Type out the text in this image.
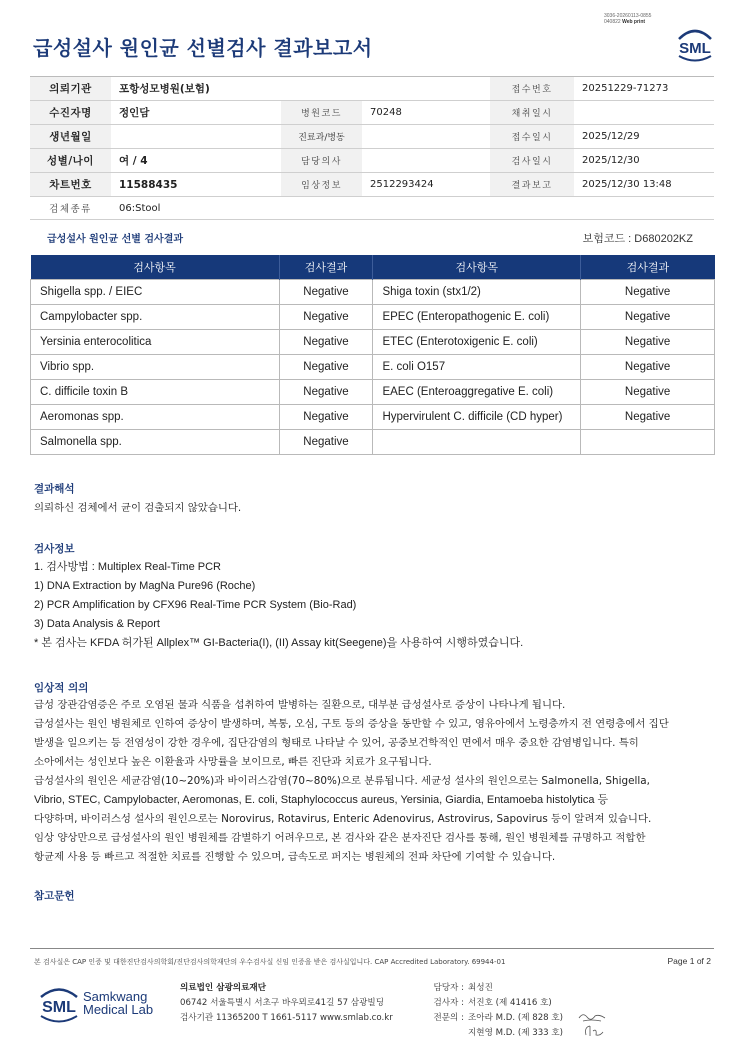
3036-20260113-0855
040822 Web print
급성설사 원인균 선별검사 결과보고서	SML
의뢰기관	포항성모병원(보험)			접수번호	20251229-71273
수진자명	정인담	병원코드	70248	채취일시	
생년월일		진료과/병동		접수일시	2025/12/29
성별/나이	여 / 4	담당의사		검사일시	2025/12/30
차트번호	11588435	임상정보	2512293424	결과보고	2025/12/30 13:48
검체종류	06:Stool				
급성설사 원인균 선별 검사결과	보험코드 : D680202KZ
검사항목	검사결과	검사항목	검사결과
Shigella spp. / EIEC	Negative	Shiga toxin (stx1/2)	Negative
Campylobacter spp.	Negative	EPEC (Enteropathogenic E. coli)	Negative
Yersinia enterocolitica	Negative	ETEC (Enterotoxigenic E. coli)	Negative
Vibrio spp.	Negative	E. coli O157	Negative
C. difficile toxin B	Negative	EAEC (Enteroaggregative E. coli)	Negative
Aeromonas spp.	Negative	Hypervirulent C. difficile (CD hyper)	Negative
Salmonella spp.	Negative		
결과해석

의뢰하신 검체에서 균이 검출되지 않았습니다.

검사정보

1. 검사방법 : Multiplex Real-Time PCR

1) DNA Extraction by MagNa Pure96 (Roche)

2) PCR Amplification by CFX96 Real-Time PCR System (Bio-Rad)

3) Data Analysis & Report

* 본 검사는 KFDA 허가된 Allplex™ GI-Bacteria(I), (II) Assay kit(Seegene)을 사용하여 시행하였습니다.

임상적 의의

급성 장관감염증은 주로 오염된 물과 식품을 섭취하여 발병하는 질환으로, 대부분 급성설사로 증상이 나타나게 됩니다.

급성설사는 원인 병원체로 인하여 증상이 발생하며, 복통, 오심, 구토 등의 증상을 동반할 수 있고, 영유아에서 노령층까지 전 연령층에서 집단

발생을 일으키는 등 전염성이 강한 경우에, 집단감염의 형태로 나타날 수 있어, 공중보건학적인 면에서 매우 중요한 감염병입니다. 특히

소아에서는 성인보다 높은 이환율과 사망률을 보이므로, 빠른 진단과 치료가 요구됩니다.

급성설사의 원인은 세균감염(10~20%)과 바이러스감염(70~80%)으로 분류됩니다. 세균성 설사의 원인으로는 Salmonella, Shigella,

Vibrio, STEC, Campylobacter, Aeromonas, E. coli, Staphylococcus aureus, Yersinia, Giardia, Entamoeba histolytica 등

다양하며, 바이러스성 설사의 원인으로는 Norovirus, Rotavirus, Enteric Adenovirus, Astrovirus, Sapovirus 등이 알려져 있습니다.

임상 양상만으로 급성설사의 원인 병원체를 감별하기 어려우므로, 본 검사와 같은 분자진단 검사를 통해, 원인 병원체를 규명하고 적합한

항균제 사용 등 빠르고 적절한 치료를 진행할 수 있으며, 급속도로 퍼지는 병원체의 전파 차단에 기여할 수 있습니다.

참고문헌
본 검사실은 CAP 인증 및 대한진단검사의학회/진단검사의학재단의 우수검사실 신임 인증을 받은 검사실입니다. CAP Accredited Laboratory. 69944-01	Page 1 of 2
SML
Samkwang
Medical Lab
의료법인 삼광의료재단
06742 서울특별시 서초구 바우뫼로41길 57 삼광빌딩
검사기관 11365200 T 1661-5117 www.smlab.co.kr
담당자 : 최성진
검사자 : 서진호 (제 41416 호)
전문의 : 조아라 M.D. (제 828 호)
지현영 M.D. (제 333 호)
